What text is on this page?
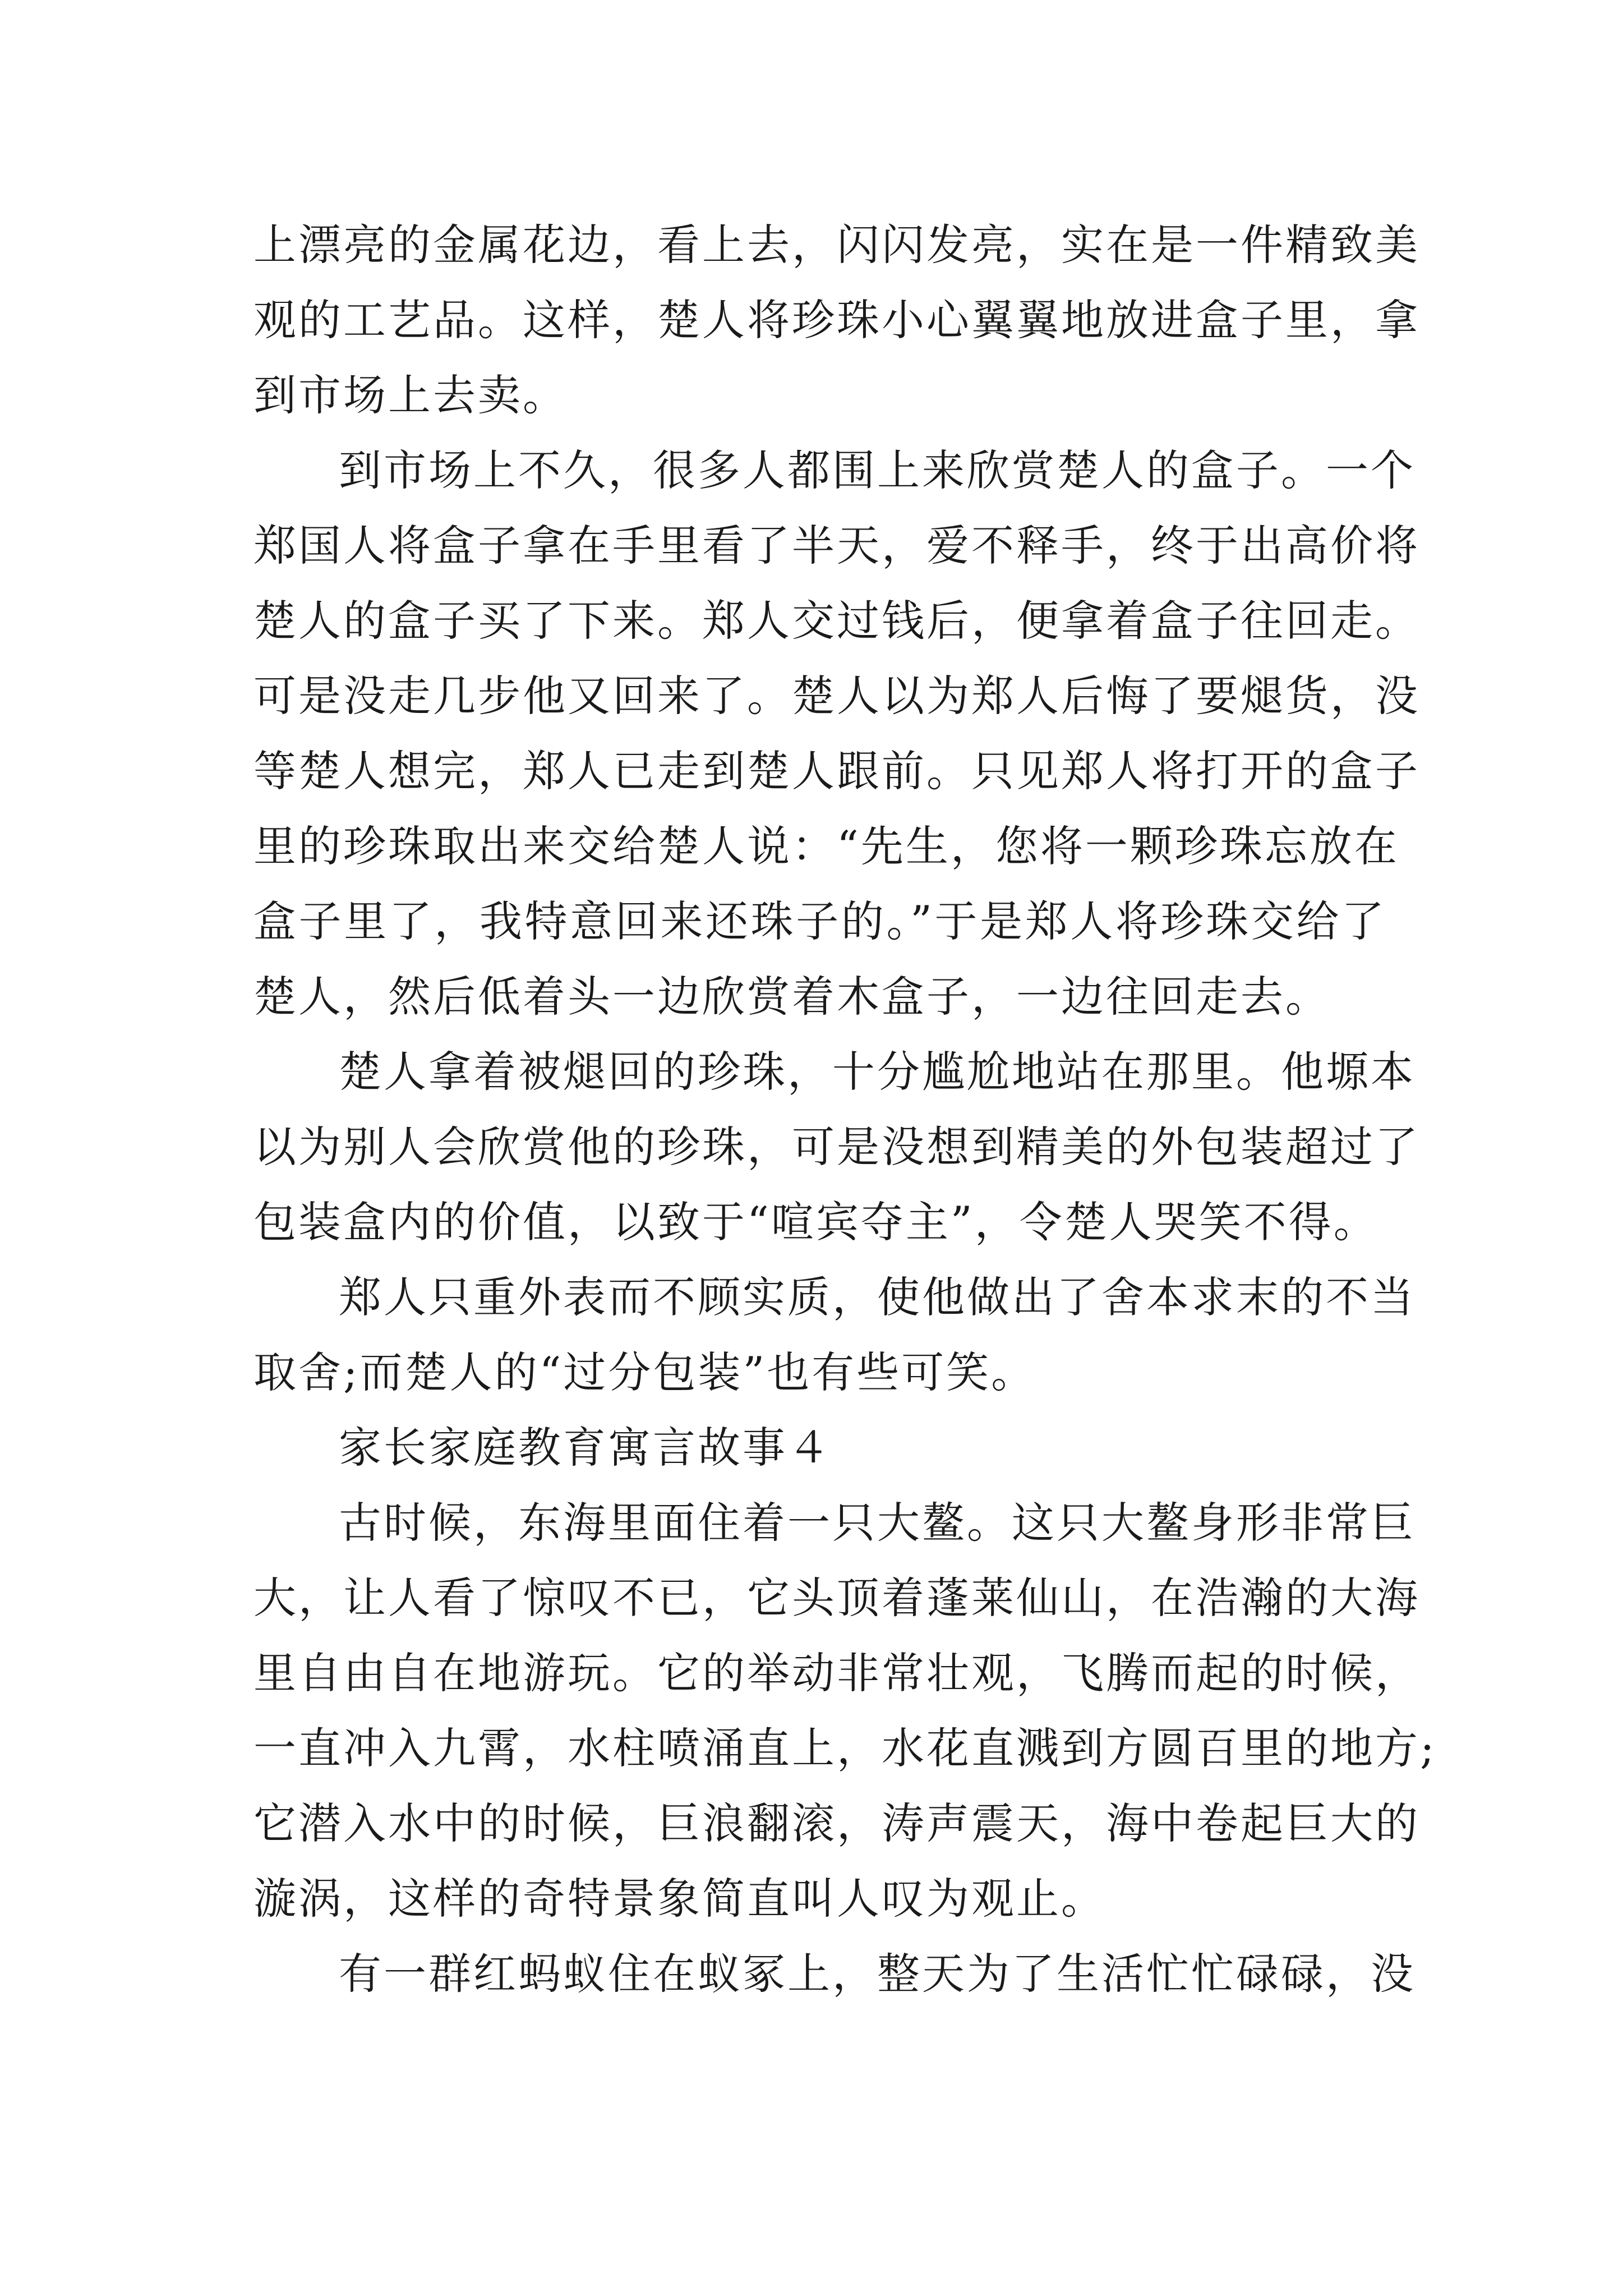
上漂亮的金属花边，看上去，闪闪发亮，实在是一件精致美
观的工艺品。这样，楚人将珍珠小心翼翼地放进盒子里，拿
到市场上去卖。
到市场上不久，很多人都围上来欣赏楚人的盒子。一个
郑国人将盒子拿在手里看了半天，爱不释手，终于出高价将
楚人的盒子买了下来。郑人交过钱后，便拿着盒子往回走。
可是没走几步他又回来了。楚人以为郑人后悔了要煺货，没
等楚人想完，郑人已走到楚人跟前。只见郑人将打开的盒子
里的珍珠取出来交给楚人说：“先生，您将一颗珍珠忘放在
盒子里了，我特意回来还珠子的。”于是郑人将珍珠交给了
楚人，然后低着头一边欣赏着木盒子，一边往回走去。
楚人拿着被煺回的珍珠，十分尴尬地站在那里。他塬本
以为别人会欣赏他的珍珠，可是没想到精美的外包装超过了
包装盒内的价值，以致于“喧宾夺主”，令楚人哭笑不得。
郑人只重外表而不顾实质，使他做出了舍本求末的不当
取舍;而楚人的“过分包装”也有些可笑。
家长家庭教育寓言故事４
古时候，东海里面住着一只大鳌。这只大鳌身形非常巨
大，让人看了惊叹不已，它头顶着蓬莱仙山，在浩瀚的大海
里自由自在地游玩。它的举动非常壮观，飞腾而起的时候，
一直冲入九霄，水柱喷涌直上，水花直溅到方圆百里的地方;
它潜入水中的时候，巨浪翻滚，涛声震天，海中卷起巨大的
漩涡，这样的奇特景象简直叫人叹为观止。
有一群红蚂蚁住在蚁冢上，整天为了生活忙忙碌碌，没
